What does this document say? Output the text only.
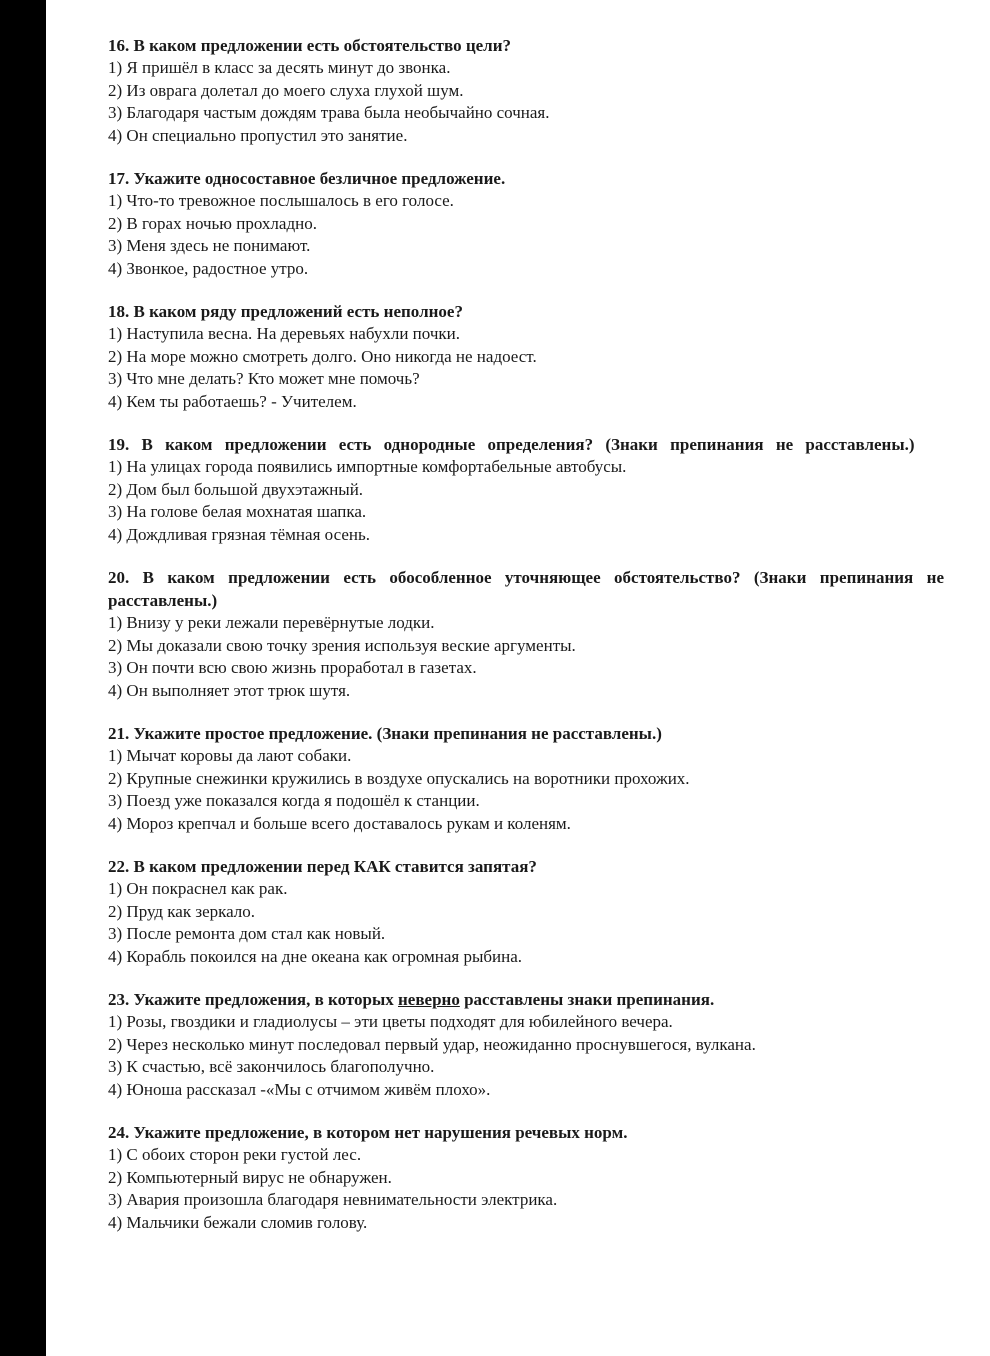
16. В каком предложении есть обстоятельство цели?

1) Я пришёл в класс за десять минут до звонка.

2) Из оврага долетал до моего слуха глухой шум.

3) Благодаря частым дождям трава была необычайно сочная.

4) Он специально пропустил это занятие.

17. Укажите односоставное безличное предложение.

1) Что-то тревожное послышалось в его голосе.

2) В горах ночью прохладно.

3) Меня здесь не понимают.

4) Звонкое, радостное утро.

18. В каком ряду предложений есть неполное?

1) Наступила весна. На деревьях набухли почки.

2) На море можно смотреть долго. Оно никогда не надоест.

3) Что мне делать? Кто может мне помочь?

4) Кем ты работаешь? - Учителем.

19. В каком предложении есть однородные определения? (Знаки препинания не расставлены.)

1) На улицах города появились импортные комфортабельные автобусы.

2) Дом был большой двухэтажный.

3) На голове белая мохнатая шапка.

4) Дождливая грязная тёмная осень.

20. В каком предложении есть обособленное уточняющее обстоятельство? (Знаки препинания не расставлены.)

1) Внизу у реки лежали перевёрнутые лодки.

2) Мы доказали свою точку зрения используя веские аргументы.

3) Он почти всю свою жизнь проработал в газетах.

4) Он выполняет этот трюк шутя.

21. Укажите простое предложение. (Знаки препинания не расставлены.)

1) Мычат коровы да лают собаки.

2) Крупные снежинки кружились в воздухе опускались на воротники прохожих.

3) Поезд уже показался когда я подошёл к станции.

4) Мороз крепчал и больше всего доставалось рукам и коленям.

22. В каком предложении перед КАК ставится запятая?

1) Он покраснел как рак.

2) Пруд как зеркало.

3) После ремонта дом стал как новый.

4) Корабль покоился на дне океана как огромная рыбина.

23. Укажите предложения, в которых неверно расставлены знаки препинания.

1) Розы, гвоздики и гладиолусы – эти цветы подходят для юбилейного вечера.

2) Через несколько минут последовал первый удар, неожиданно проснувшегося, вулкана.

3) К счастью, всё закончилось благополучно.

4) Юноша рассказал -«Мы с отчимом живём плохо».

24. Укажите предложение, в котором нет нарушения речевых норм.

1) С обоих сторон реки густой лес.

2) Компьютерный вирус не обнаружен.

3) Авария произошла благодаря невнимательности электрика.

4) Мальчики бежали сломив голову.
